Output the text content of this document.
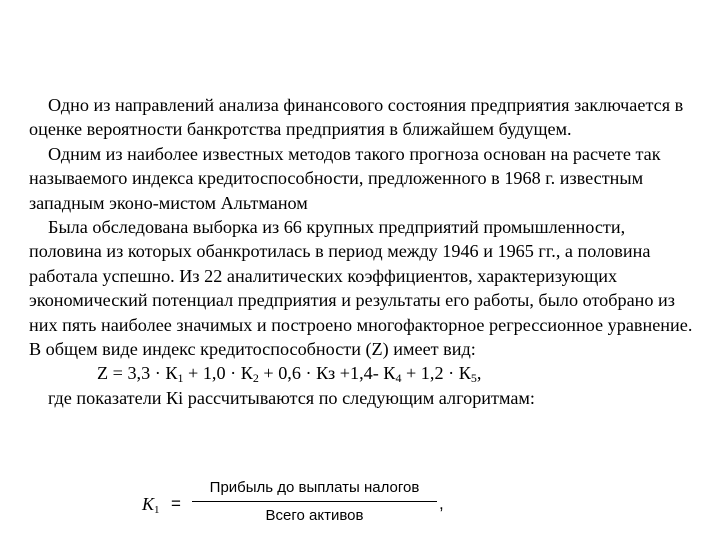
Одно из направлений анализа финансового состояния предприятия заключается в оценке вероятности банкротства предприятия в ближайшем будущем.

Одним из наиболее известных методов такого прогноза основан на расчете так называемого индекса кредитоспособности, предложенного в 1968 г. известным западным эконо-мистом Альтманом

Была обследована выборка из 66 крупных предприятий промышленности, половина из которых обанкротилась в период между 1946 и 1965 гг., а половина работала успешно. Из 22 аналитических коэффициентов, характеризующих экономический потенциал предприятия и результаты его работы, было отобрано из них пять наиболее значимых и построено многофакторное регрессионное уравнение. В общем виде индекс кредитоспособности (Z) имеет вид:

$Z = 3,3 \cdot К_1 + 1,0 \cdot К_2 + 0,6$ · Кз +1,4- $К_4 + 1,2 \cdot К_5$,

где показатели Кi рассчитываются по следующим алгоритмам:

$K_1$ =
Прибыль до выплаты налогов
Всего активов
,
